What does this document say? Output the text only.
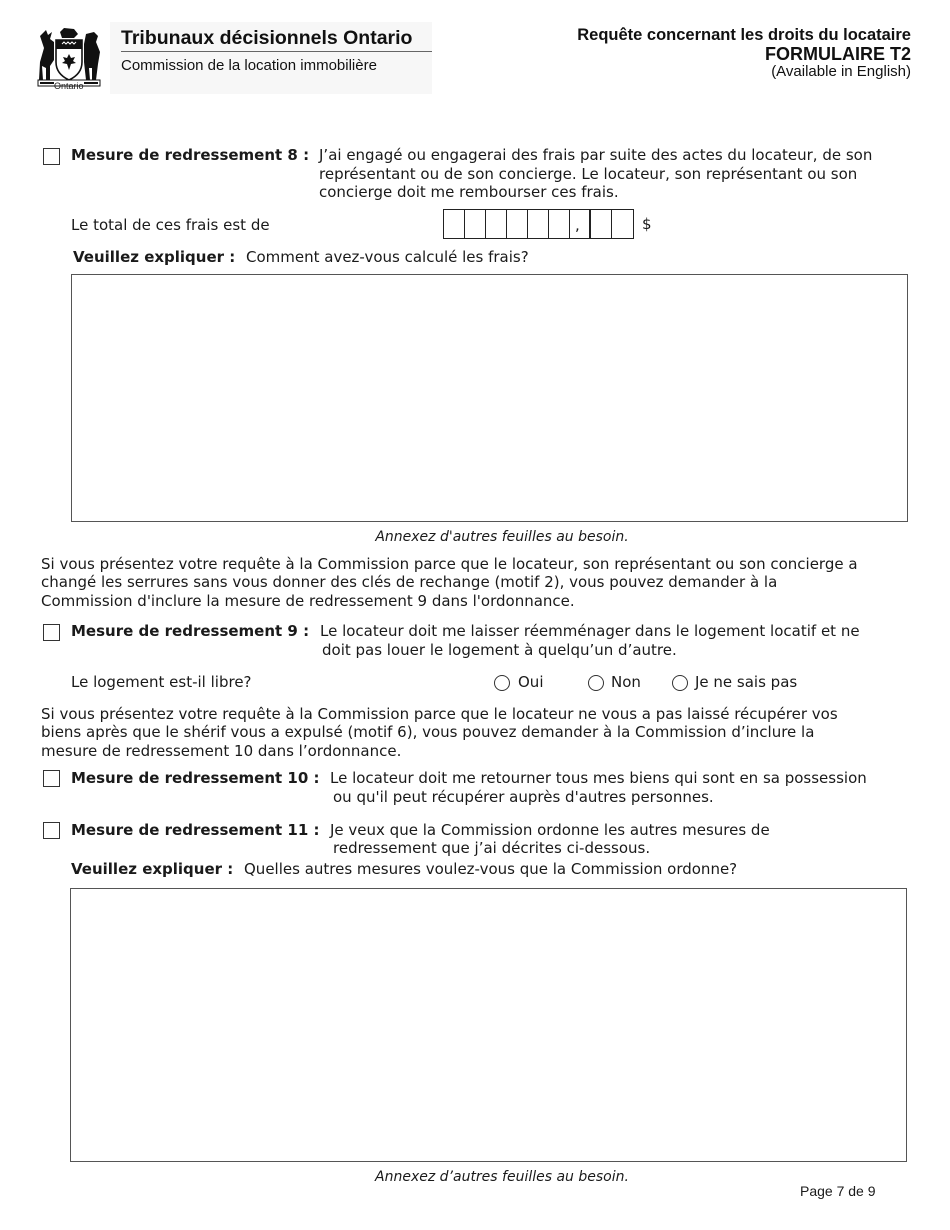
Ontario
Tribunaux décisionnels Ontario
Commission de la location immobilière
Requête concernant les droits du locataire
FORMULAIRE T2
(Available in English)
Mesure de redressement 8 : J’ai engagé ou engagerai des frais par suite des actes du locateur, de son
représentant ou de son concierge. Le locateur, son représentant ou son
concierge doit me rembourser ces frais.
Le total de ces frais est de	,	$
Veuillez expliquer : Comment avez-vous calculé les frais?
Annexez d'autres feuilles au besoin.
Si vous présentez votre requête à la Commission parce que le locateur, son représentant ou son concierge a
changé les serrures sans vous donner des clés de rechange (motif 2), vous pouvez demander à la
Commission d'inclure la mesure de redressement 9 dans l'ordonnance.
Mesure de redressement 9 : Le locateur doit me laisser réemménager dans le logement locatif et ne
doit pas louer le logement à quelqu’un d’autre.
Le logement est-il libre?	Oui	Non	Je ne sais pas
Si vous présentez votre requête à la Commission parce que le locateur ne vous a pas laissé récupérer vos
biens après que le shérif vous a expulsé (motif 6), vous pouvez demander à la Commission d’inclure la
mesure de redressement 10 dans l’ordonnance.
Mesure de redressement 10 : Le locateur doit me retourner tous mes biens qui sont en sa possession
ou qu'il peut récupérer auprès d'autres personnes.
Mesure de redressement 11 : Je veux que la Commission ordonne les autres mesures de
redressement que j’ai décrites ci-dessous.
Veuillez expliquer : Quelles autres mesures voulez-vous que la Commission ordonne?
Annexez d’autres feuilles au besoin.
Page 7 de 9
